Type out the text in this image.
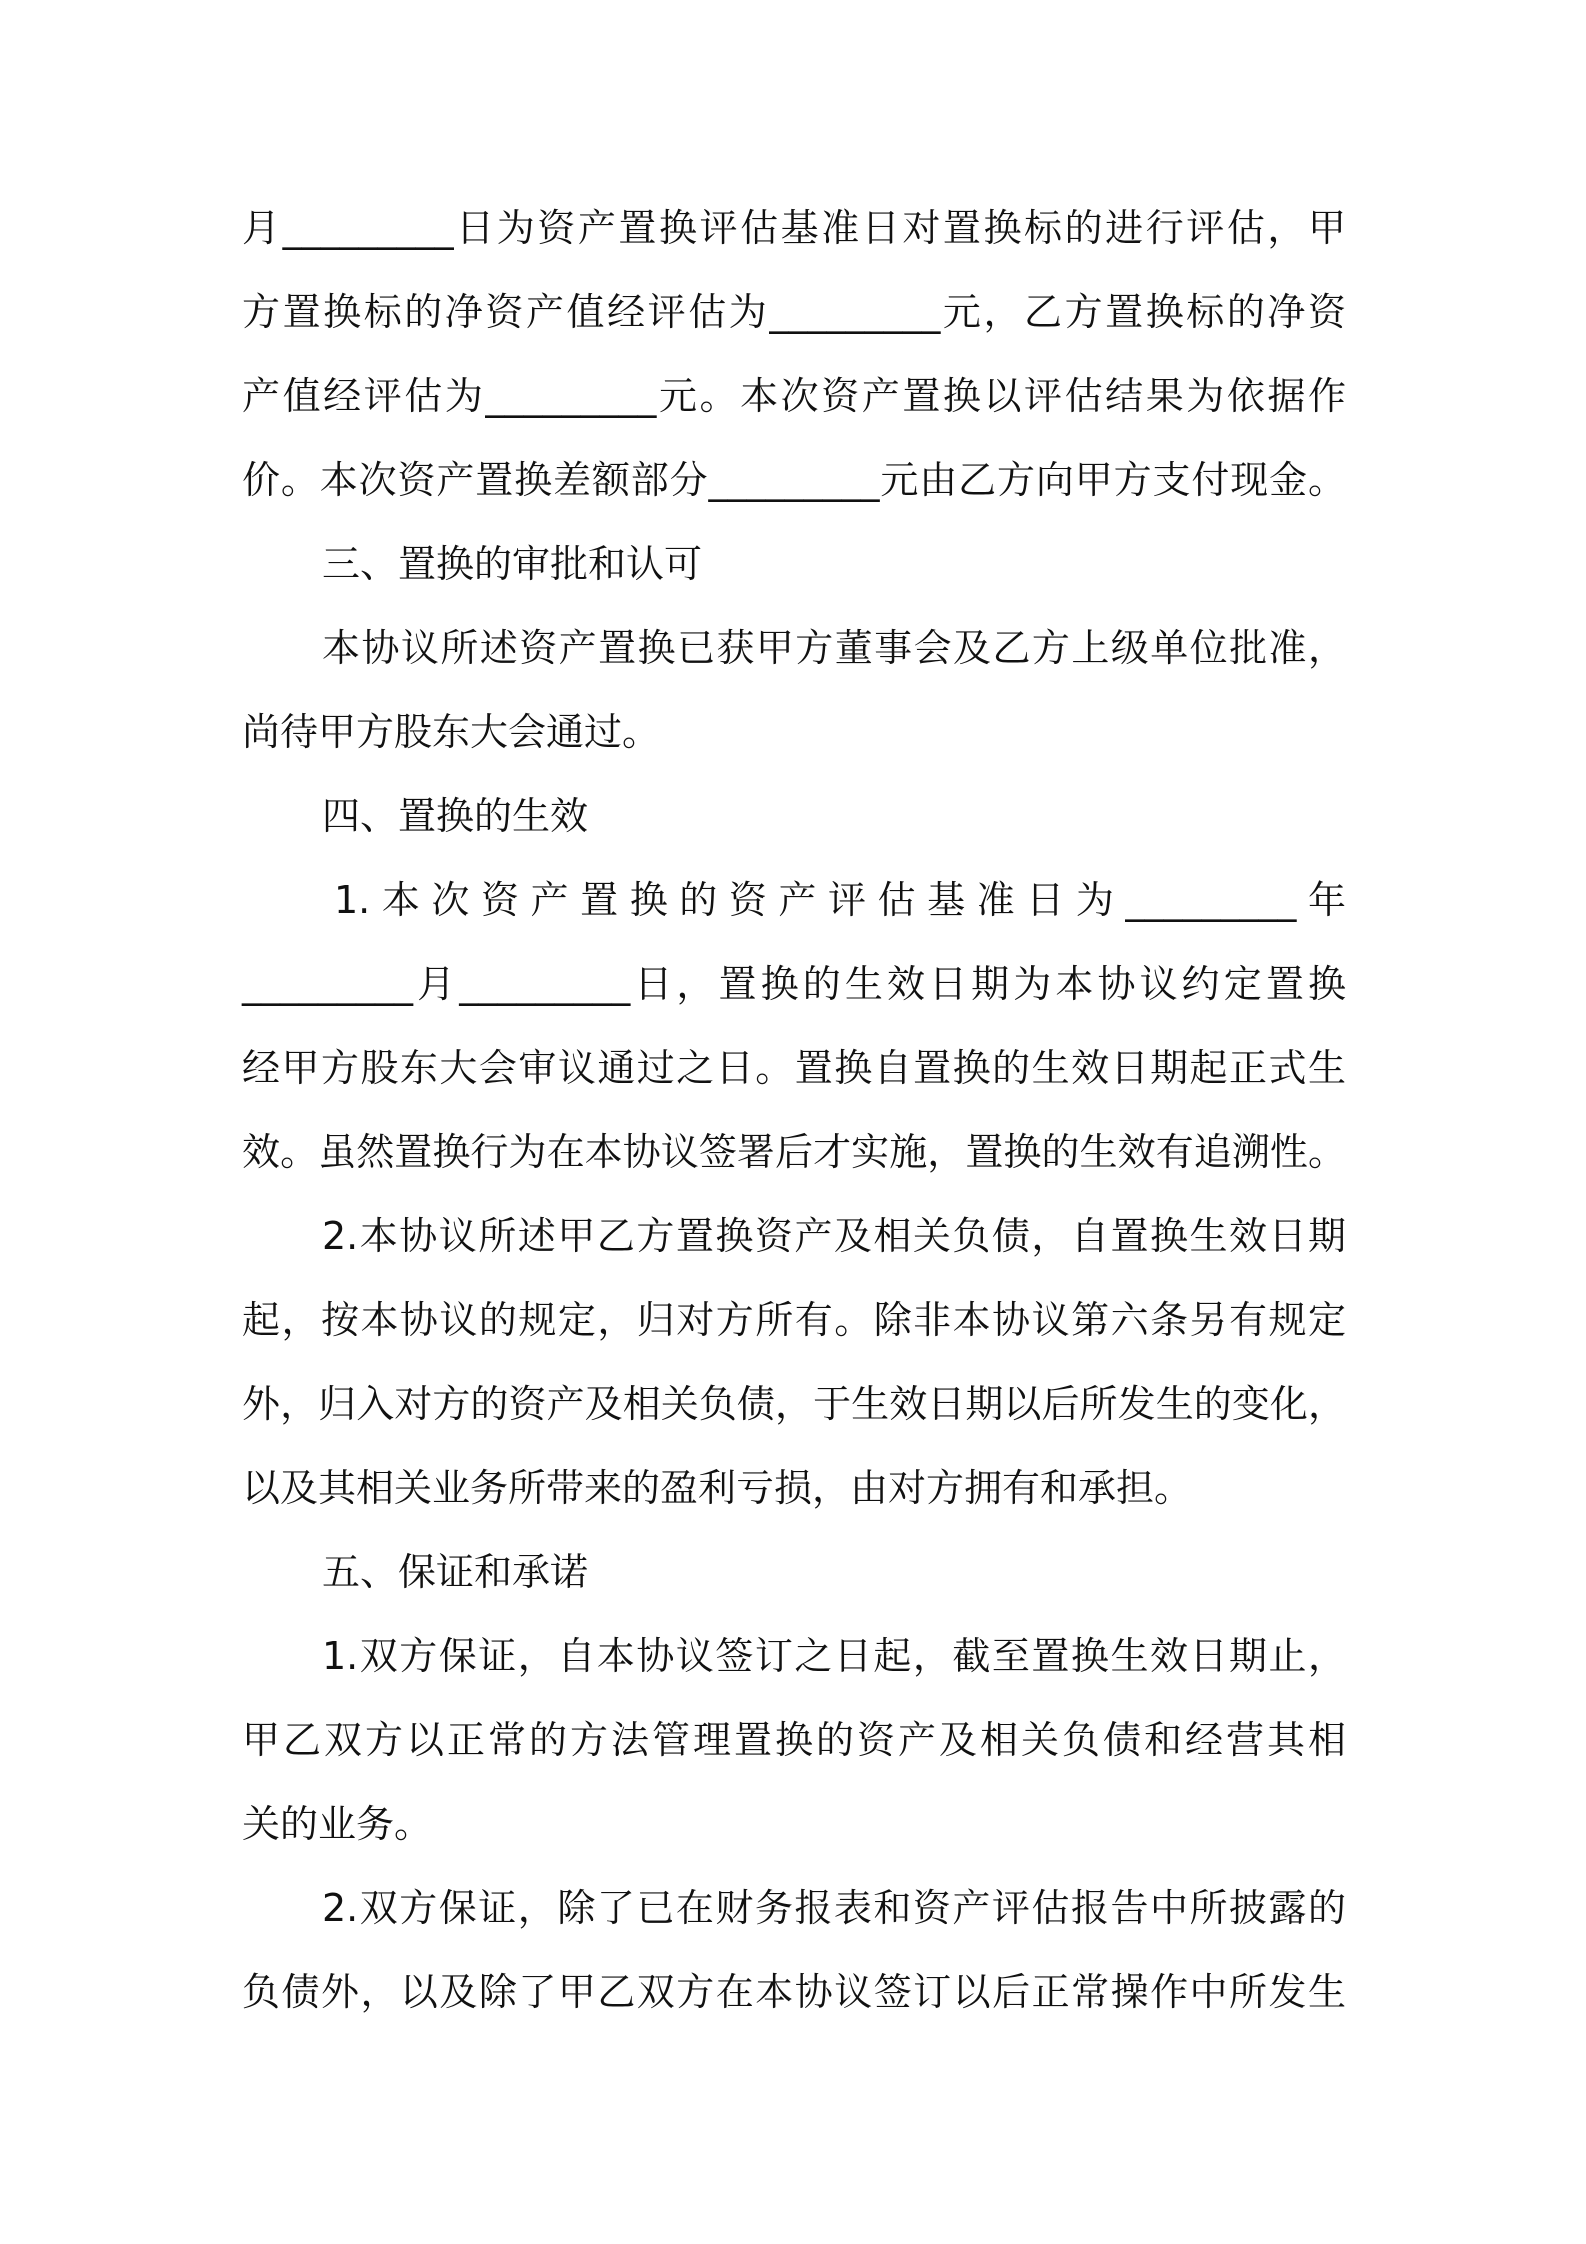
月_________日为资产置换评估基准日对置换标的进行评估，甲
方置换标的净资产值经评估为_________元，乙方置换标的净资
产值经评估为_________元。本次资产置换以评估结果为依据作
价。本次资产置换差额部分_________元由乙方向甲方支付现金。
三、置换的审批和认可
本协议所述资产置换已获甲方董事会及乙方上级单位批准，
尚待甲方股东大会通过。
四、置换的生效
1.本次资产置换的资产评估基准日为_________年
_________月_________日，置换的生效日期为本协议约定置换
经甲方股东大会审议通过之日。置换自置换的生效日期起正式生
效。虽然置换行为在本协议签署后才实施，置换的生效有追溯性。
2.本协议所述甲乙方置换资产及相关负债，自置换生效日期
起，按本协议的规定，归对方所有。除非本协议第六条另有规定
外，归入对方的资产及相关负债，于生效日期以后所发生的变化，
以及其相关业务所带来的盈利亏损，由对方拥有和承担。
五、保证和承诺
1.双方保证，自本协议签订之日起，截至置换生效日期止，
甲乙双方以正常的方法管理置换的资产及相关负债和经营其相
关的业务。
2.双方保证，除了已在财务报表和资产评估报告中所披露的
负债外，以及除了甲乙双方在本协议签订以后正常操作中所发生
